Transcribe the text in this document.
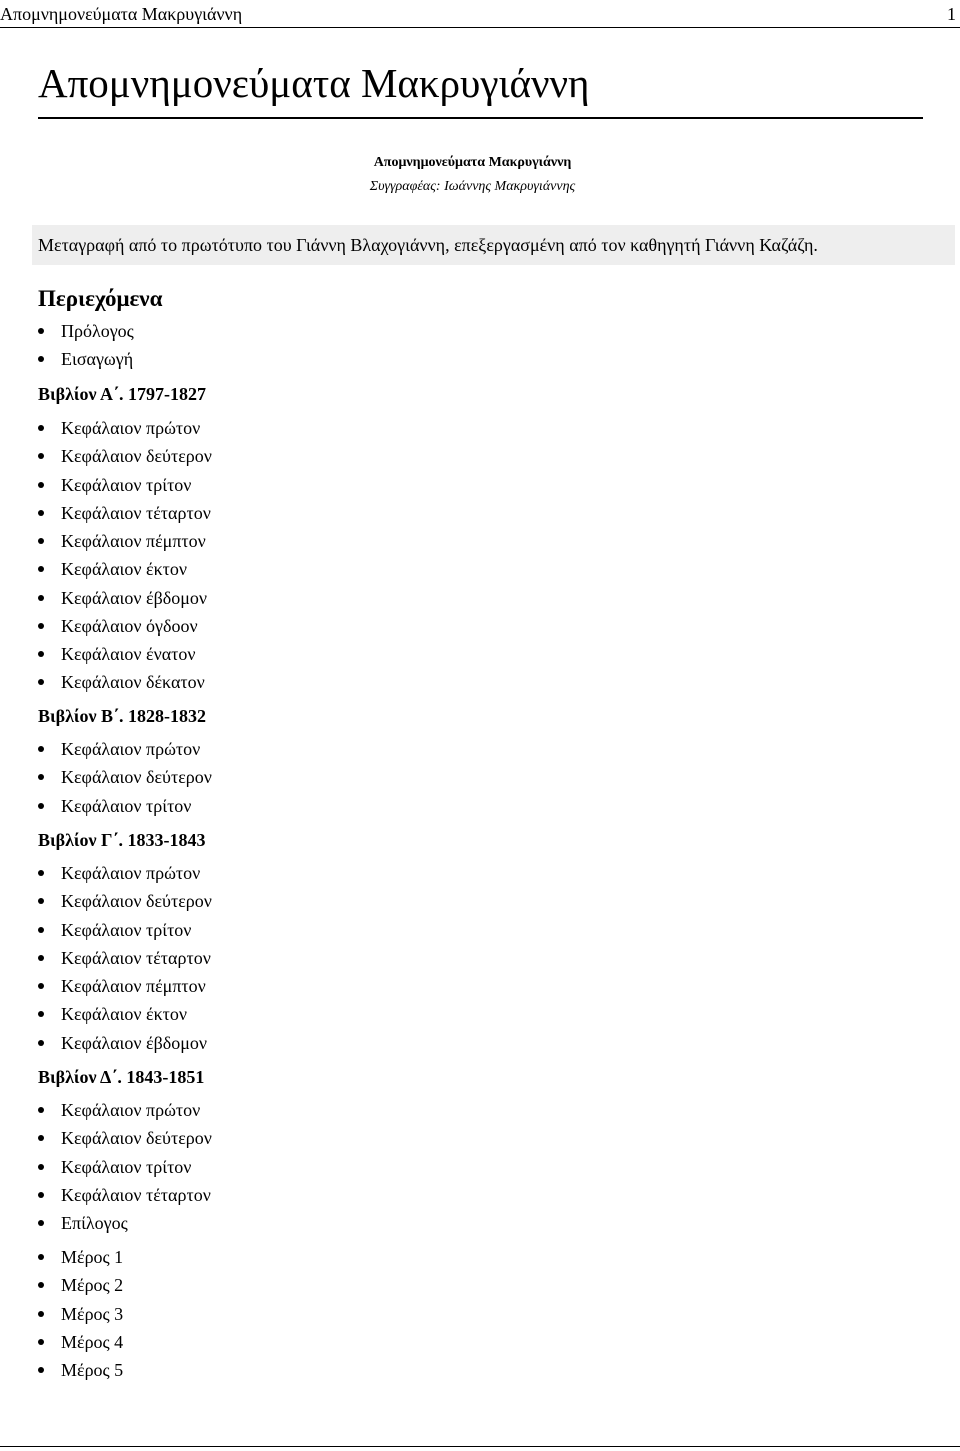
Απομνημονεύματα Μακρυγιάννη	1
Απομνημονεύματα Μακρυγιάννη
Απομνημονεύματα Μακρυγιάννη
Συγγραφέας: Ιωάννης Μακρυγιάννης
Μεταγραφή από το πρωτότυπο του Γιάννη Βλαχογιάννη, επεξεργασμένη από τον καθηγητή Γιάννη Καζάζη.
Περιεχόμενα
Πρόλογος
Εισαγωγή
Βιβλίον Α΄. 1797-1827
Κεφάλαιον πρώτον
Κεφάλαιον δεύτερον
Κεφάλαιον τρίτον
Κεφάλαιον τέταρτον
Κεφάλαιον πέμπτον
Κεφάλαιον έκτον
Κεφάλαιον έβδομον
Κεφάλαιον όγδοον
Κεφάλαιον ένατον
Κεφάλαιον δέκατον
Βιβλίον Β΄. 1828-1832
Κεφάλαιον πρώτον
Κεφάλαιον δεύτερον
Κεφάλαιον τρίτον
Βιβλίον Γ΄. 1833-1843
Κεφάλαιον πρώτον
Κεφάλαιον δεύτερον
Κεφάλαιον τρίτον
Κεφάλαιον τέταρτον
Κεφάλαιον πέμπτον
Κεφάλαιον έκτον
Κεφάλαιον έβδομον
Βιβλίον Δ΄. 1843-1851
Κεφάλαιον πρώτον
Κεφάλαιον δεύτερον
Κεφάλαιον τρίτον
Κεφάλαιον τέταρτον
Επίλογος
Μέρος 1
Μέρος 2
Μέρος 3
Μέρος 4
Μέρος 5
